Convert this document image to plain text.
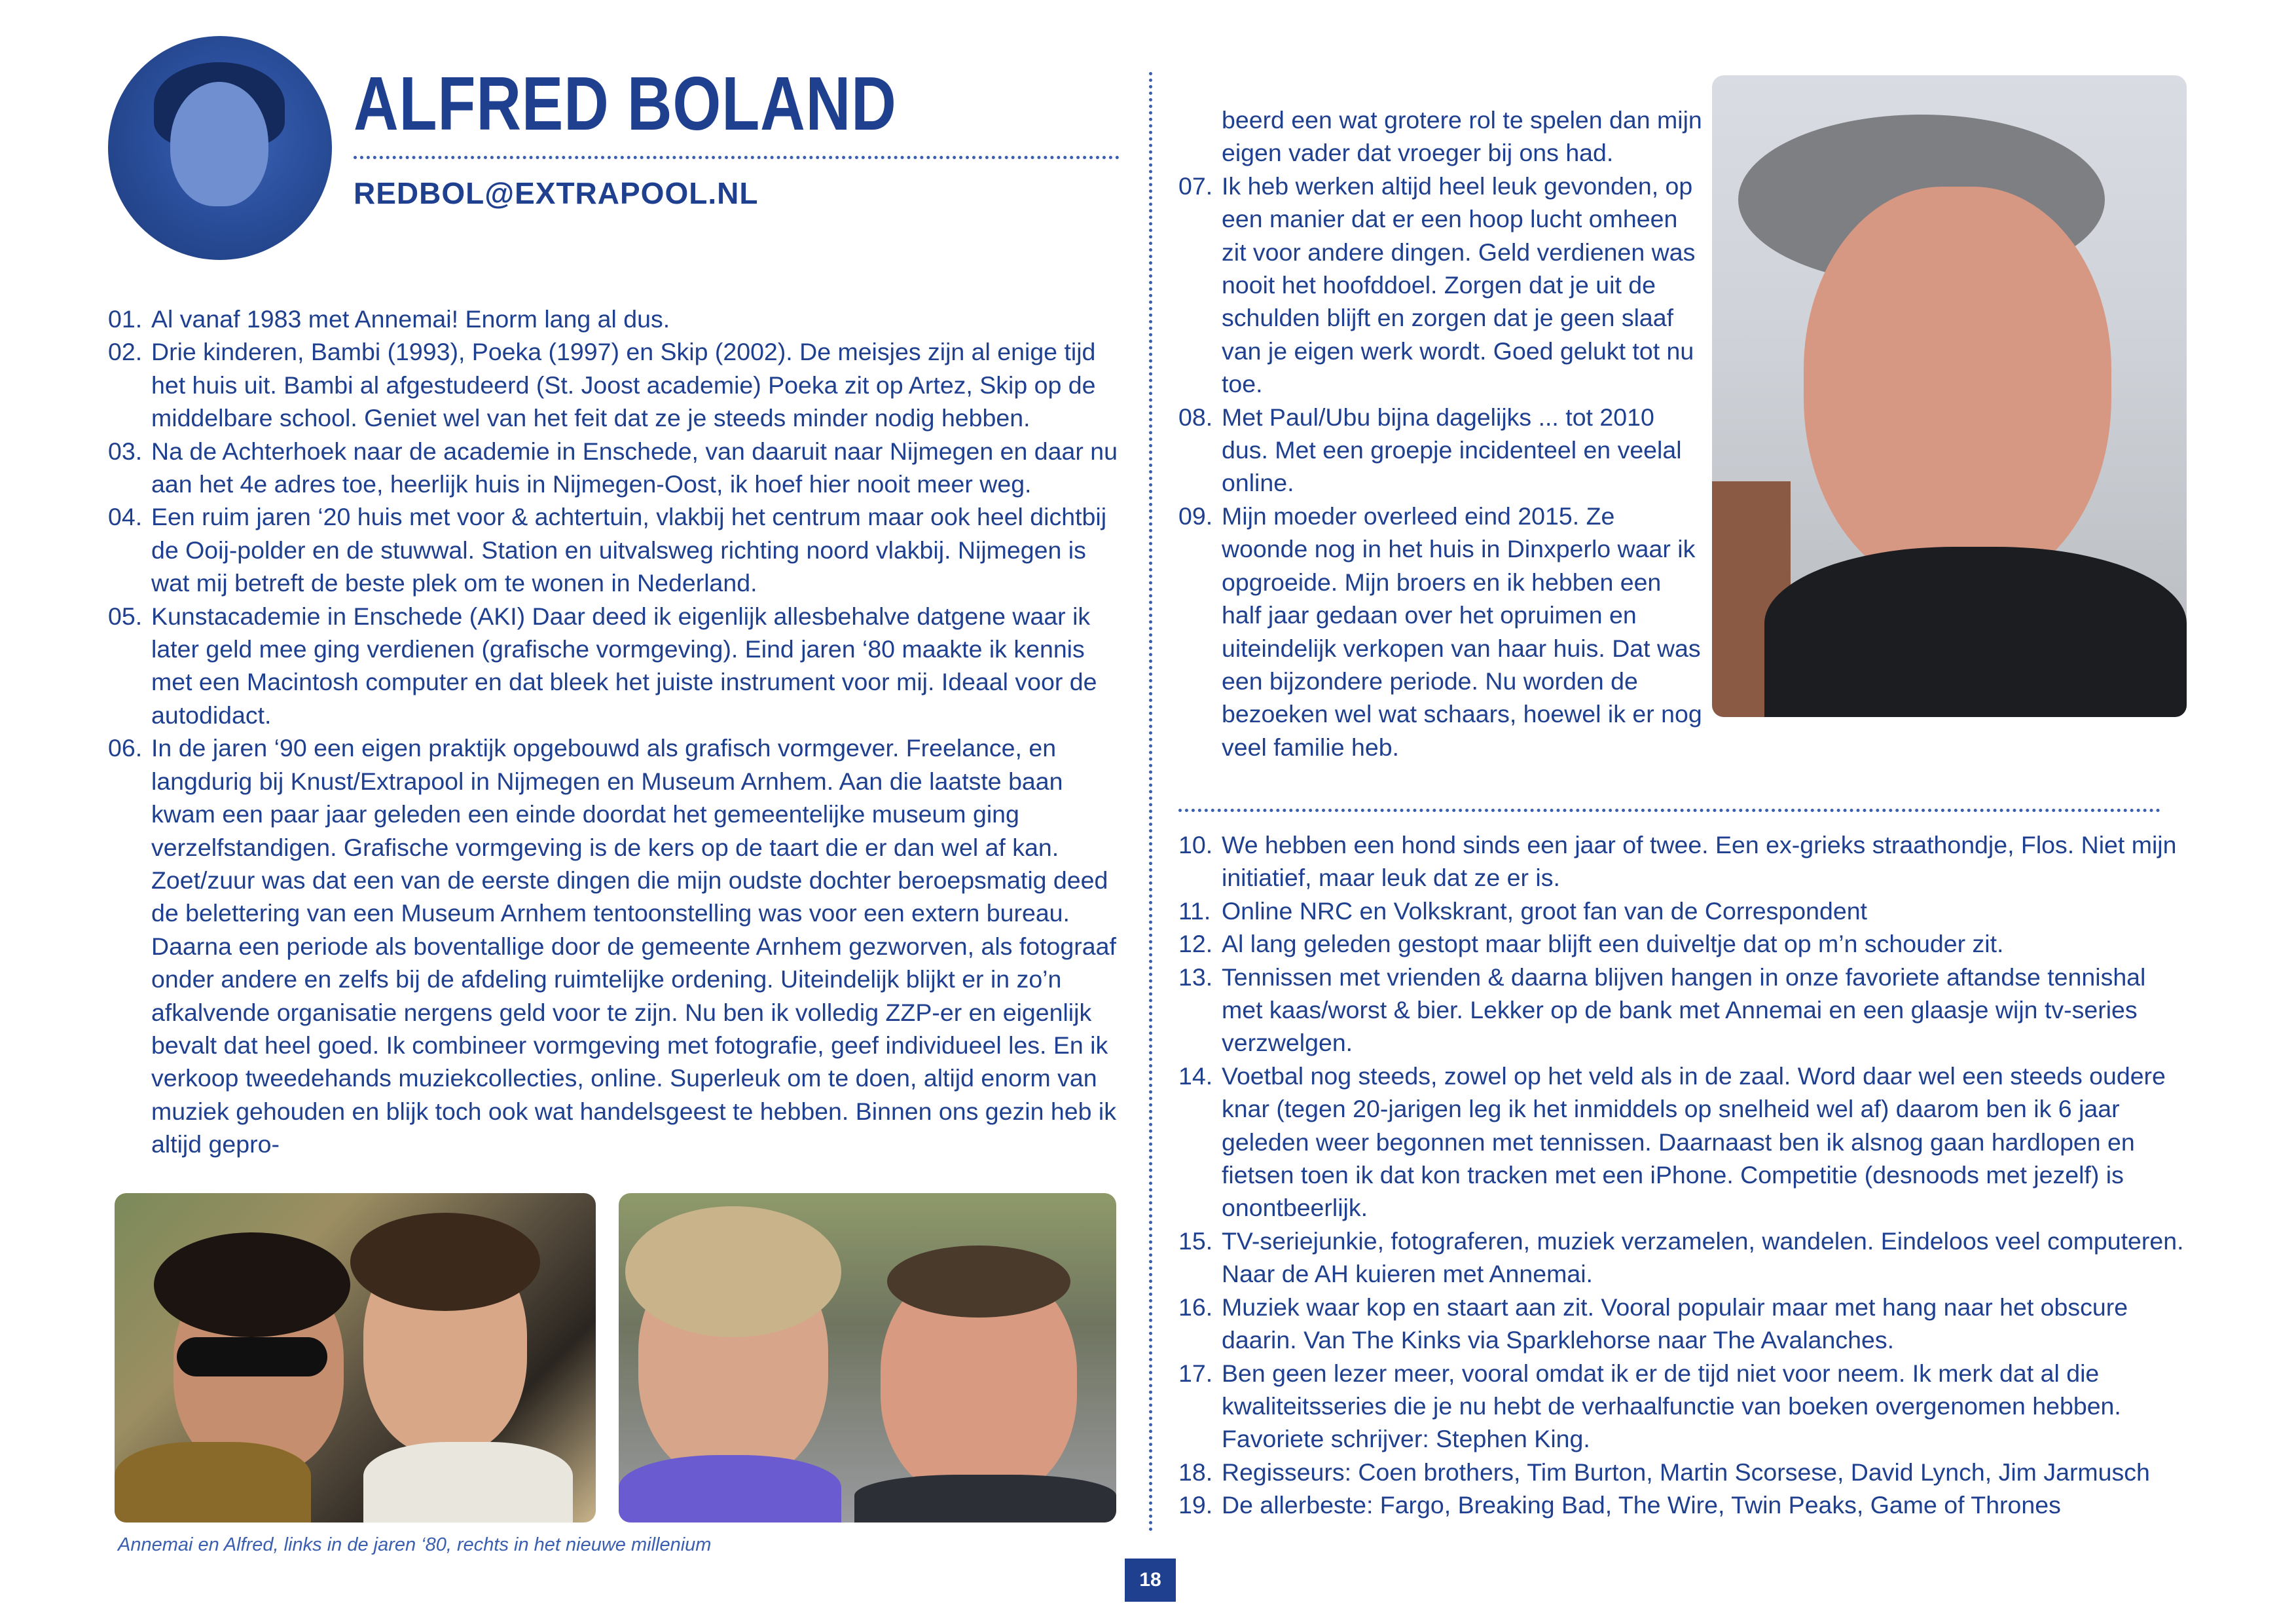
ALFRED BOLAND
REDBOL@EXTRAPOOL.NL
01. Al vanaf 1983 met Annemai! Enorm lang al dus.
02. Drie kinderen, Bambi (1993), Poeka (1997) en Skip (2002). De meisjes zijn al enige tijd het huis uit. Bambi al afgestudeerd (St. Joost academie) Poeka zit op Artez, Skip op de middelbare school. Geniet wel van het feit dat ze je steeds minder nodig hebben.
03. Na de Achterhoek naar de academie in Enschede, van daaruit naar Nijmegen en daar nu aan het 4e adres toe, heerlijk huis in Nijmegen-Oost, ik hoef hier nooit meer weg.
04. Een ruim jaren ‘20 huis met voor & achtertuin, vlakbij het centrum maar ook heel dichtbij de Ooij-polder en de stuwwal. Station en uitvalsweg richting noord vlakbij. Nijmegen is wat mij betreft de beste plek om te wonen in Nederland.
05. Kunstacademie in Enschede (AKI) Daar deed ik eigenlijk allesbehalve datgene waar ik later geld mee ging verdienen (grafische vormgeving). Eind jaren ‘80 maakte ik kennis met een Macintosh computer en dat bleek het juiste instrument voor mij. Ideaal voor de autodidact.
06. In de jaren ‘90 een eigen praktijk opgebouwd als grafisch vormgever. Freelance, en langdurig bij Knust/Extrapool in Nijmegen en Museum Arnhem. Aan die laatste baan kwam een paar jaar geleden een einde doordat het gemeentelijke museum ging verzelfstandigen. Grafische vormgeving is de kers op de taart die er dan wel af kan. Zoet/zuur was dat een van de eerste dingen die mijn oudste dochter beroepsmatig deed de belettering van een Museum Arnhem tentoonstelling was voor een extern bureau. Daarna een periode als boventallige door de gemeente Arnhem gezworven, als fotograaf onder andere en zelfs bij de afdeling ruimtelijke ordening. Uiteindelijk blijkt er in zo’n afkalvende organisatie nergens geld voor te zijn. Nu ben ik volledig ZZP-er en eigenlijk bevalt dat heel goed. Ik combineer vormgeving met fotografie, geef individueel les. En ik verkoop tweedehands muziekcollecties, online. Superleuk om te doen, altijd enorm van muziek gehouden en blijk toch ook wat handelsgeest te hebben. Binnen ons gezin heb ik altijd gepro-
Annemai en Alfred, links in de jaren ‘80, rechts in het nieuwe millenium
beerd een wat grotere rol te spelen dan mijn eigen vader dat vroeger bij ons had.
07. Ik heb werken altijd heel leuk gevonden, op een manier dat er een hoop lucht omheen zit voor andere dingen. Geld verdienen was nooit het hoofddoel. Zorgen dat je uit de schulden blijft en zorgen dat je geen slaaf van je eigen werk wordt. Goed gelukt tot nu toe.
08. Met Paul/Ubu bijna dagelijks ... tot 2010 dus. Met een groepje incidenteel en veelal online.
09. Mijn moeder overleed eind 2015. Ze woonde nog in het huis in Dinxperlo waar ik opgroeide. Mijn broers en ik hebben een half jaar gedaan over het opruimen en uiteindelijk verkopen van haar huis. Dat was een bijzondere periode. Nu worden de bezoeken wel wat schaars, hoewel ik er nog veel familie heb.
10. We hebben een hond sinds een jaar of twee. Een ex-grieks straathondje, Flos. Niet mijn initiatief, maar leuk dat ze er is.
11. Online NRC en Volkskrant, groot fan van de Correspondent
12. Al lang geleden gestopt maar blijft een duiveltje dat op m’n schouder zit.
13. Tennissen met vrienden & daarna blijven hangen in onze favoriete aftandse tennishal met kaas/worst & bier. Lekker op de bank met Annemai en een glaasje wijn tv-series verzwelgen.
14. Voetbal nog steeds, zowel op het veld als in de zaal. Word daar wel een steeds oudere knar (tegen 20-jarigen leg ik het inmiddels op snelheid wel af) daarom ben ik 6 jaar geleden weer begonnen met tennissen. Daarnaast ben ik alsnog gaan hardlopen en fietsen toen ik dat kon tracken met een iPhone. Competitie (desnoods met jezelf) is onontbeerlijk.
15. TV-seriejunkie, fotograferen, muziek verzamelen, wandelen. Eindeloos veel computeren. Naar de AH kuieren met Annemai.
16. Muziek waar kop en staart aan zit. Vooral populair maar met hang naar het obscure daarin. Van The Kinks via Sparklehorse naar The Avalanches.
17. Ben geen lezer meer, vooral omdat ik er de tijd niet voor neem. Ik merk dat al die kwaliteitsseries die je nu hebt de verhaalfunctie van boeken overgenomen hebben. Favoriete schrijver: Stephen King.
18. Regisseurs: Coen brothers, Tim Burton, Martin Scorsese, David Lynch, Jim Jarmusch
19. De allerbeste: Fargo, Breaking Bad, The Wire, Twin Peaks, Game of Thrones
18
